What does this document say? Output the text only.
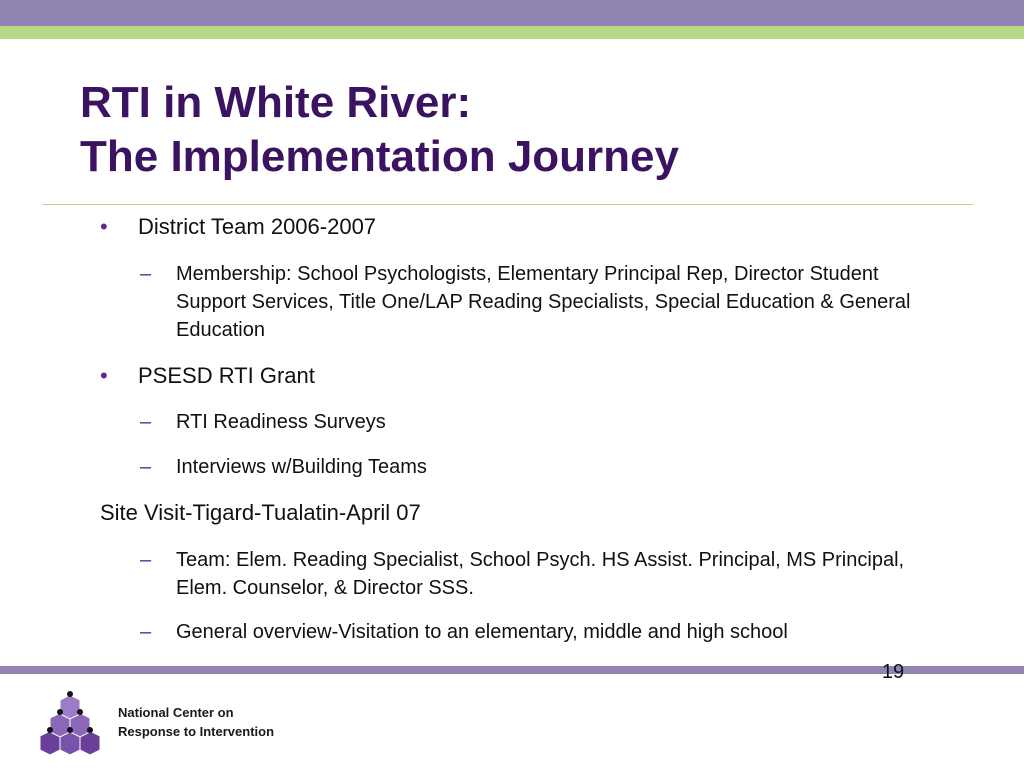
RTI in White River:
The Implementation Journey
• District Team 2006-2007
– Membership: School Psychologists, Elementary Principal Rep, Director Student Support Services, Title One/LAP Reading Specialists, Special Education & General Education
• PSESD RTI Grant
– RTI Readiness Surveys
– Interviews w/Building Teams
Site Visit-Tigard-Tualatin-April 07
– Team: Elem. Reading Specialist, School Psych. HS Assist. Principal, MS Principal, Elem. Counselor, & Director SSS.
– General overview-Visitation to an elementary, middle and high school
19
National Center on
Response to Intervention
